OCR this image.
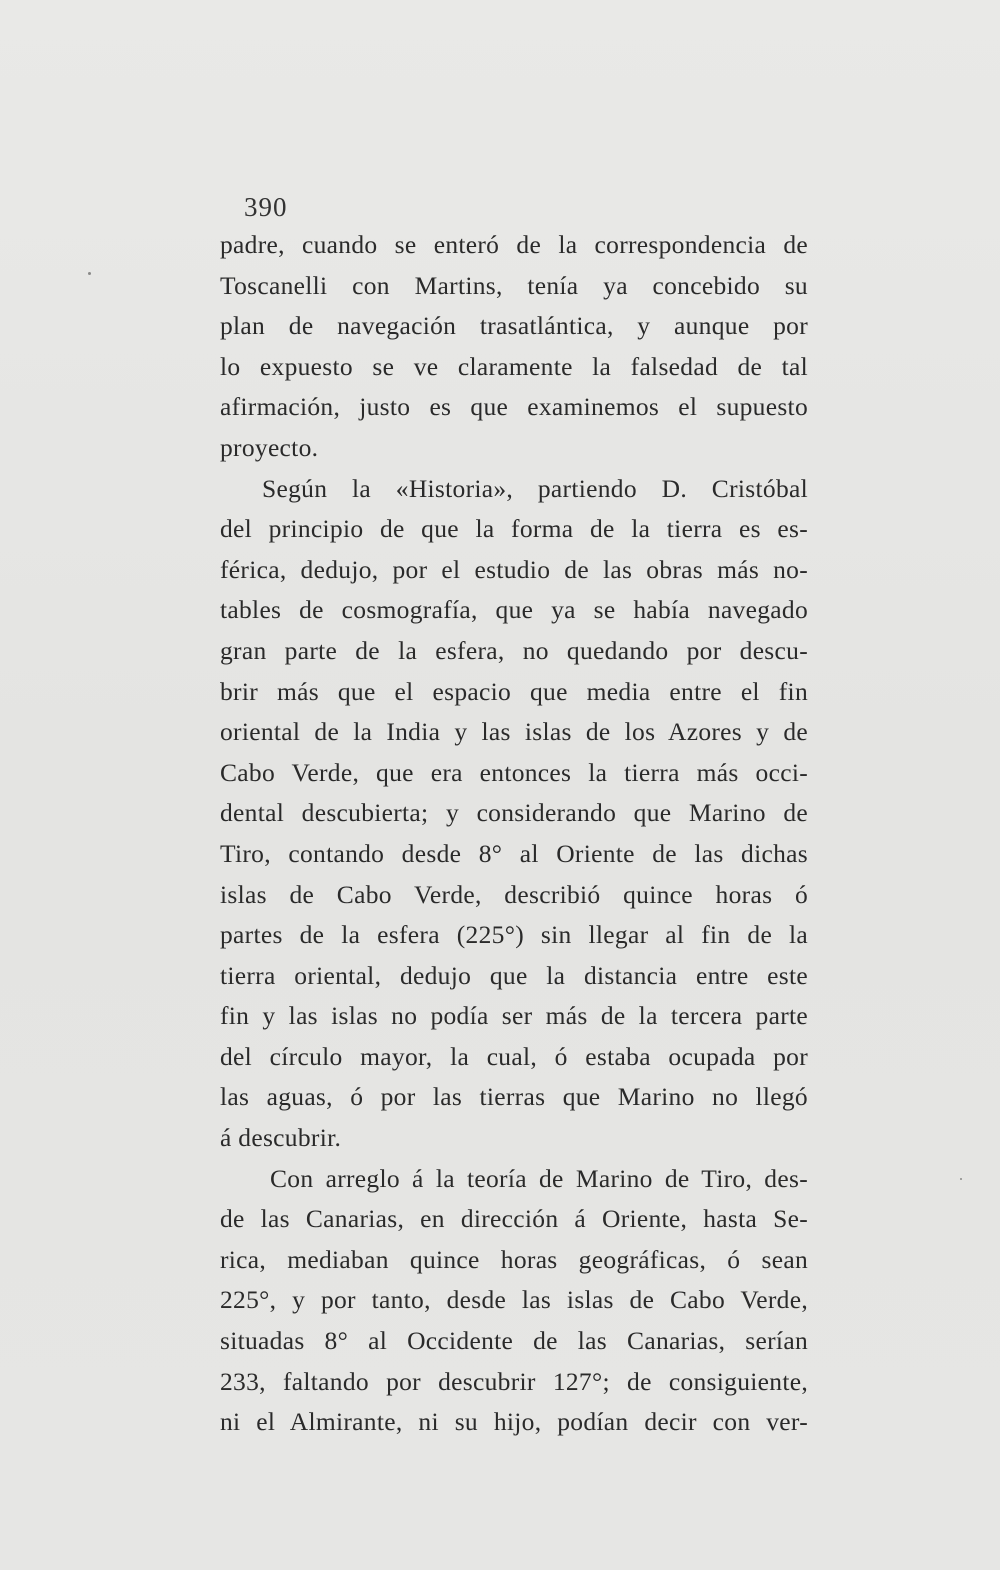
390
padre, cuando se enteró de la correspondencia de
Toscanelli con Martins, tenía ya concebido su
plan de navegación trasatlántica, y aunque por
lo expuesto se ve claramente la falsedad de tal
afirmación, justo es que examinemos el supuesto
proyecto.
Según la «Historia», partiendo D. Cristóbal
del principio de que la forma de la tierra es es-
férica, dedujo, por el estudio de las obras más no-
tables de cosmografía, que ya se había navegado
gran parte de la esfera, no quedando por descu-
brir más que el espacio que media entre el fin
oriental de la India y las islas de los Azores y de
Cabo Verde, que era entonces la tierra más occi-
dental descubierta; y considerando que Marino de
Tiro, contando desde 8° al Oriente de las dichas
islas de Cabo Verde, describió quince horas ó
partes de la esfera (225°) sin llegar al fin de la
tierra oriental, dedujo que la distancia entre este
fin y las islas no podía ser más de la tercera parte
del círculo mayor, la cual, ó estaba ocupada por
las aguas, ó por las tierras que Marino no llegó
á descubrir.
Con arreglo á la teoría de Marino de Tiro, des-
de las Canarias, en dirección á Oriente, hasta Se-
rica, mediaban quince horas geográficas, ó sean
225°, y por tanto, desde las islas de Cabo Verde,
situadas 8° al Occidente de las Canarias, serían
233, faltando por descubrir 127°; de consiguiente,
ni el Almirante, ni su hijo, podían decir con ver-
